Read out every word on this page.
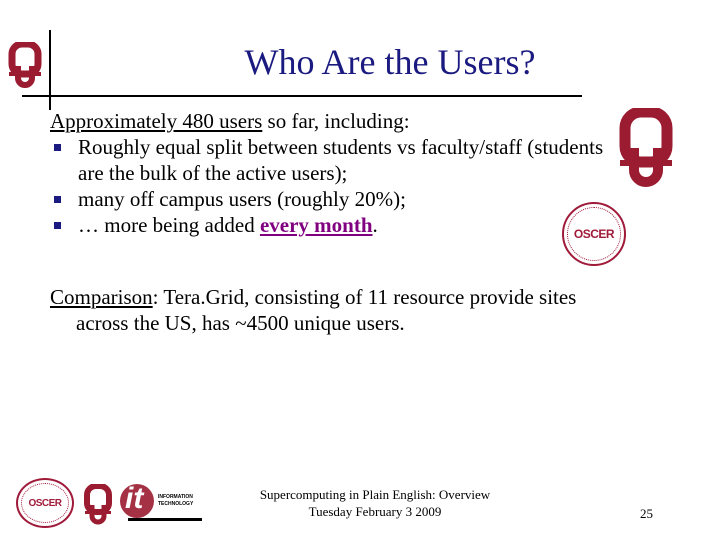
Who Are the Users?
OSCER
Approximately 480 users so far, including:
Roughly equal split between students vs faculty/staff (students are the bulk of the active users);
many off campus users (roughly 20%);
… more being added every month.
Comparison: Tera.Grid, consisting of 11 resource provide sites
across the US, has ~4500 unique users.
OSCER it	INFORMATION
TECHNOLOGY
Supercomputing in Plain English: Overview
Tuesday February 3 2009	25
